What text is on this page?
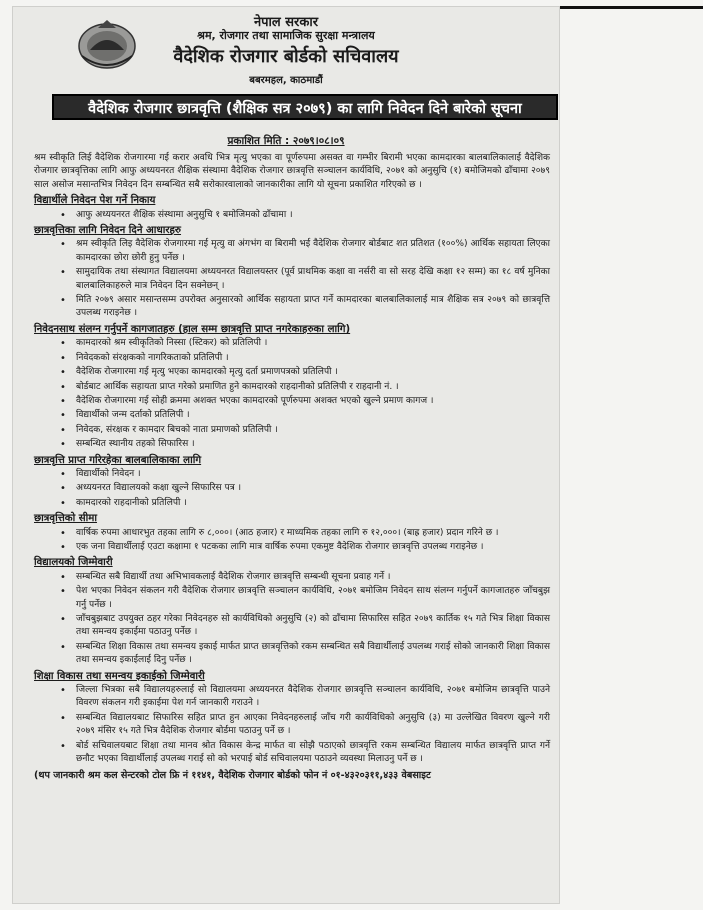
नेपाल सरकार
श्रम, रोजगार तथा सामाजिक सुरक्षा मन्त्रालय
वैदेशिक रोजगार बोर्डको सचिवालय
बबरमहल, काठमाडौं
वैदेशिक रोजगार छात्रवृत्ति (शैक्षिक सत्र २०७९) का लागि निवेदन दिने बारेको सूचना
प्रकाशित मिति : २०७९।०८।०९

श्रम स्वीकृति लिई वैदेशिक रोजगारमा गई करार अवधि भित्र मृत्यु भएका वा पूर्णरुपमा असक्त वा गम्भीर बिरामी भएका कामदारका बालबालिकालाई वैदेशिक रोजगार छात्रवृत्तिका लागि आफु अध्ययनरत शैक्षिक संस्थामा वैदेशिक रोजगार छात्रवृत्ति सञ्चालन कार्यविधि, २०७१ को अनुसुचि (१) बमोजिमको ढाँचामा २०७९ साल असोज मसान्तभित्र निवेदन दिन सम्बन्धित सबै सरोकारवालाको जानकारीका लागि यो सूचना प्रकाशित गरिएको छ ।

विद्यार्थीले निवेदन पेश गर्ने निकाय
• आफु अध्ययनरत शैक्षिक संस्थामा अनुसुचि १ बमोजिमको ढाँचामा ।
छात्रवृत्तिका लागि निवेदन दिने आधारहरु
• श्रम स्वीकृति लिइ वैदेशिक रोजगारमा गई मृत्यु वा अंगभंग वा बिरामी भई वैदेशिक रोजगार बोर्डबाट शत प्रतिशत (१००%) आर्थिक सहायता लिएका कामदारका छोरा छोरी हुनु पर्नेछ ।
• सामुदायिक तथा संस्थागत विद्यालयमा अध्ययनरत विद्यालयस्तर (पूर्व प्राथमिक कक्षा वा नर्सरी वा सो सरह देखि कक्षा १२ सम्म) का १८ वर्ष मुनिका बालबालिकाहरुले मात्र निवेदन दिन सक्नेछन् ।
• मिति २०७९ असार मसान्तसम्म उपरोक्त अनुसारको आर्थिक सहायता प्राप्त गर्ने कामदारका बालबालिकालाई मात्र शैक्षिक सत्र २०७९ को छात्रवृत्ति उपलब्ध गराइनेछ ।
निवेदनसाथ संलग्न गर्नुपर्ने कागजातहरु (हाल सम्म छात्रवृत्ति प्राप्त नगरेकाहरुका लागि)
• कामदारको श्रम स्वीकृतिको निस्सा (स्टिकर) को प्रतिलिपी ।
• निवेदकको संरक्षकको नागरिकताको प्रतिलिपी ।
• वैदेशिक रोजगारमा गई मृत्यु भएका कामदारको मृत्यु दर्ता प्रमाणपत्रको प्रतिलिपी ।
• बोर्डबाट आर्थिक सहायता प्राप्त गरेको प्रमाणित हुने कामदारको राहदानीको प्रतिलिपी र राहदानी नं. ।
• वैदेशिक रोजगारमा गई सोही क्रममा अशक्त भएका कामदारको पूर्णरुपमा अशक्त भएको खुल्ने प्रमाण कागज ।
• विद्यार्थीको जन्म दर्ताको प्रतिलिपी ।
• निवेदक, संरक्षक र कामदार बिचको नाता प्रमाणको प्रतिलिपी ।
• सम्बन्धित स्थानीय तहको सिफारिस ।
छात्रवृत्ति प्राप्त गरिरहेका बालबालिकाका लागि
• विद्यार्थीको निवेदन ।
• अध्ययनरत विद्यालयको कक्षा खुल्ने सिफारिस पत्र ।
• कामदारको राहदानीको प्रतिलिपी ।
छात्रवृत्तिको सीमा
• वार्षिक रुपमा आधारभुत तहका लागि रु ८,०००। (आठ हजार) र माध्यमिक तहका लागि रु १२,०००। (बाह्र हजार) प्रदान गरिने छ ।
• एक जना विद्यार्थीलाई एउटा कक्षामा १ पटकका लागि मात्र वार्षिक रुपमा एकमुष्ट वैदेशिक रोजगार छात्रवृत्ति उपलब्ध गराइनेछ ।
विद्यालयको जिम्मेवारी
• सम्बन्धित सबै विद्यार्थी तथा अभिभावकलाई वैदेशिक रोजगार छात्रवृत्ति सम्बन्धी सूचना प्रवाह गर्ने ।
• पेश भएका निवेदन संकलन गरी वैदेशिक रोजगार छात्रवृत्ति सञ्चालन कार्यविधि, २०७१ बमोजिम निवेदन साथ संलग्न गर्नुपर्ने कागजातहरु जाँचबुझ गर्नु पर्नेछ ।
• जाँचबुझबाट उपयुक्त ठहर गरेका निवेदनहरु सो कार्यविधिको अनुसुचि (२) को ढाँचामा सिफारिस सहित २०७९ कार्तिक १५ गते भित्र शिक्षा विकास तथा समन्वय इकाईमा पठाउनु पर्नेछ ।
• सम्बन्धित शिक्षा विकास तथा समन्वय इकाई मार्फत प्राप्त छात्रवृत्तिको रकम सम्बन्धित सबै विद्यार्थीलाई उपलब्ध गराई सोको जानकारी शिक्षा विकास तथा समन्वय इकाईलाई दिनु पर्नेछ ।
शिक्षा विकास तथा समन्वय इकाईको जिम्मेवारी
• जिल्ला भित्रका सबै विद्यालयहरुलाई सो विद्यालयमा अध्ययनरत वैदेशिक रोजगार छात्रवृत्ति सञ्चालन कार्यविधि, २०७१ बमोजिम छात्रवृत्ति पाउने विवरण संकलन गरी इकाईमा पेश गर्न जानकारी गराउने ।
• सम्बन्धित विद्यालयबाट सिफारिस सहित प्राप्त हुन आएका निवेदनहरुलाई जाँच गरी कार्यविधिको अनुसुचि (३) मा उल्लेखित विवरण खुल्ने गरी २०७९ मंसिर १५ गते भित्र वैदेशिक रोजगार बोर्डमा पठाउनु पर्ने छ ।
• बोर्ड सचिवालयबाट शिक्षा तथा मानव श्रोत विकास केन्द्र मार्फत वा सोझै पठाएको छात्रवृत्ति रकम सम्बन्धित विद्यालय मार्फत छात्रवृत्ति प्राप्त गर्ने छनौट भएका विद्यार्थीलाई उपलब्ध गराई सो को भरपाई बोर्ड सचिवालयमा पठाउने व्यवस्था मिलाउनु पर्ने छ ।
(थप जानकारी श्रम कल सेन्टरको टोल फ्रि नं ११४१, वैदेशिक रोजगार बोर्डको फोन नं ०१-४३२०३११,४३३ वेबसाइट
